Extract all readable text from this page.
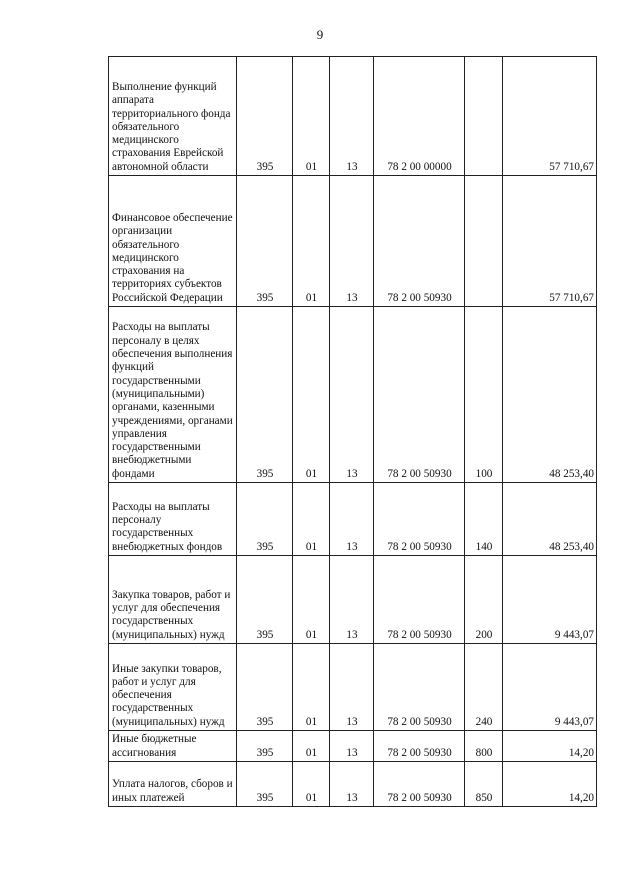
9
Выполнение функций аппарата территориального фонда обязательного медицинского страхования Еврейской автономной области	395	01	13	78 2 00 00000		57 710,67

Финансовое обеспечение организации обязательного медицинского страхования на территориях субъектов Российской Федерации	395	01	13	78 2 00 50930		57 710,67

Расходы на выплаты персоналу в целях обеспечения выполнения функций государственными (муниципальными) органами, казенными учреждениями, органами управления государственными внебюджетными фондами	395	01	13	78 2 00 50930	100	48 253,40

Расходы на выплаты персоналу государственных внебюджетных фондов	395	01	13	78 2 00 50930	140	48 253,40

Закупка товаров, работ и услуг для обеспечения государственных (муниципальных) нужд	395	01	13	78 2 00 50930	200	9 443,07

Иные закупки товаров, работ и услуг для обеспечения государственных (муниципальных) нужд	395	01	13	78 2 00 50930	240	9 443,07

Иные бюджетные ассигнования	395	01	13	78 2 00 50930	800	14,20

Уплата налогов, сборов и иных платежей	395	01	13	78 2 00 50930	850	14,20
